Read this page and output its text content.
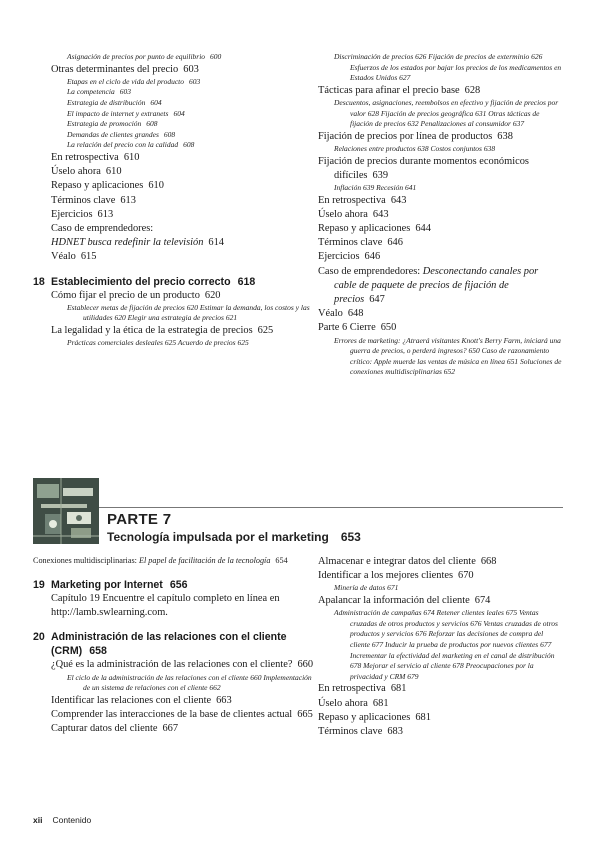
Asignación de precios por punto de equilibrio 600
Otras determinantes del precio 603
Etapas en el ciclo de vida del producto 603
La competencia 603
Estrategia de distribución 604
El impacto de internet y extranets 604
Estrategia de promoción 608
Demandas de clientes grandes 608
La relación del precio con la calidad 608
En retrospectiva 610
Úselo ahora 610
Repaso y aplicaciones 610
Términos clave 613
Ejercicios 613
Caso de emprendedores:
HDNET busca redefinir la televisión 614
Véalo 615
18 Establecimiento del precio correcto 618
Cómo fijar el precio de un producto 620
Establecer metas de fijación de precios 620 Estimar la demanda, los costos y las utilidades 620 Elegir una estrategia de precios 621
La legalidad y la ética de la estrategia de precios 625
Prácticas comerciales desleales 625 Acuerdo de precios 625
Discriminación de precios 626 Fijación de precios de exterminio 626 Esfuerzos de los estados por bajar los precios de los medicamentos en Estados Unidos 627
Tácticas para afinar el precio base 628
Descuentos, asignaciones, reembolsos en efectivo y fijación de precios por valor 628 Fijación de precios geográfica 631 Otras tácticas de fijación de precios 632 Penalizaciones al consumidor 637
Fijación de precios por línea de productos 638
Relaciones entre productos 638 Costos conjuntos 638
Fijación de precios durante momentos económicos difíciles 639
Inflación 639 Recesión 641
En retrospectiva 643
Úselo ahora 643
Repaso y aplicaciones 644
Términos clave 646
Ejercicios 646
Caso de emprendedores: Desconectando canales por cable de paquete de precios de fijación de precios 647
Véalo 648
Parte 6 Cierre 650
Errores de marketing: ¿Atraerá visitantes Knott's Berry Farm, iniciará una guerra de precios, o perderá ingresos? 650 Caso de razonamiento crítico: Apple muerde las ventas de música en línea 651 Soluciones de conexiones multidisciplinarias 652
PARTE 7
Tecnología impulsada por el marketing 653
Conexiones multidisciplinarias: El papel de facilitación de la tecnología 654
19 Marketing por Internet 656
Capítulo 19 Encuentre el capítulo completo en línea en http://lamb.swlearning.com.
20 Administración de las relaciones con el cliente (CRM) 658
¿Qué es la administración de las relaciones con el cliente? 660
El ciclo de la administración de las relaciones con el cliente 660 Implementación de un sistema de relaciones con el cliente 662
Identificar las relaciones con el cliente 663
Comprender las interacciones de la base de clientes actual 665
Capturar datos del cliente 667
Almacenar e integrar datos del cliente 668
Identificar a los mejores clientes 670
Minería de datos 671
Apalancar la información del cliente 674
Administración de campañas 674 Retener clientes leales 675 Ventas cruzadas de otros productos y servicios 676 Ventas cruzadas de otros productos y servicios 676 Reforzar las decisiones de compra del cliente 677 Inducir la prueba de productos por nuevos clientes 677 Incrementar la efectividad del marketing en el canal de distribución 678 Mejorar el servicio al cliente 678 Preocupaciones por la privacidad y CRM 679
En retrospectiva 681
Úselo ahora 681
Repaso y aplicaciones 681
Términos clave 683
xii Contenido
